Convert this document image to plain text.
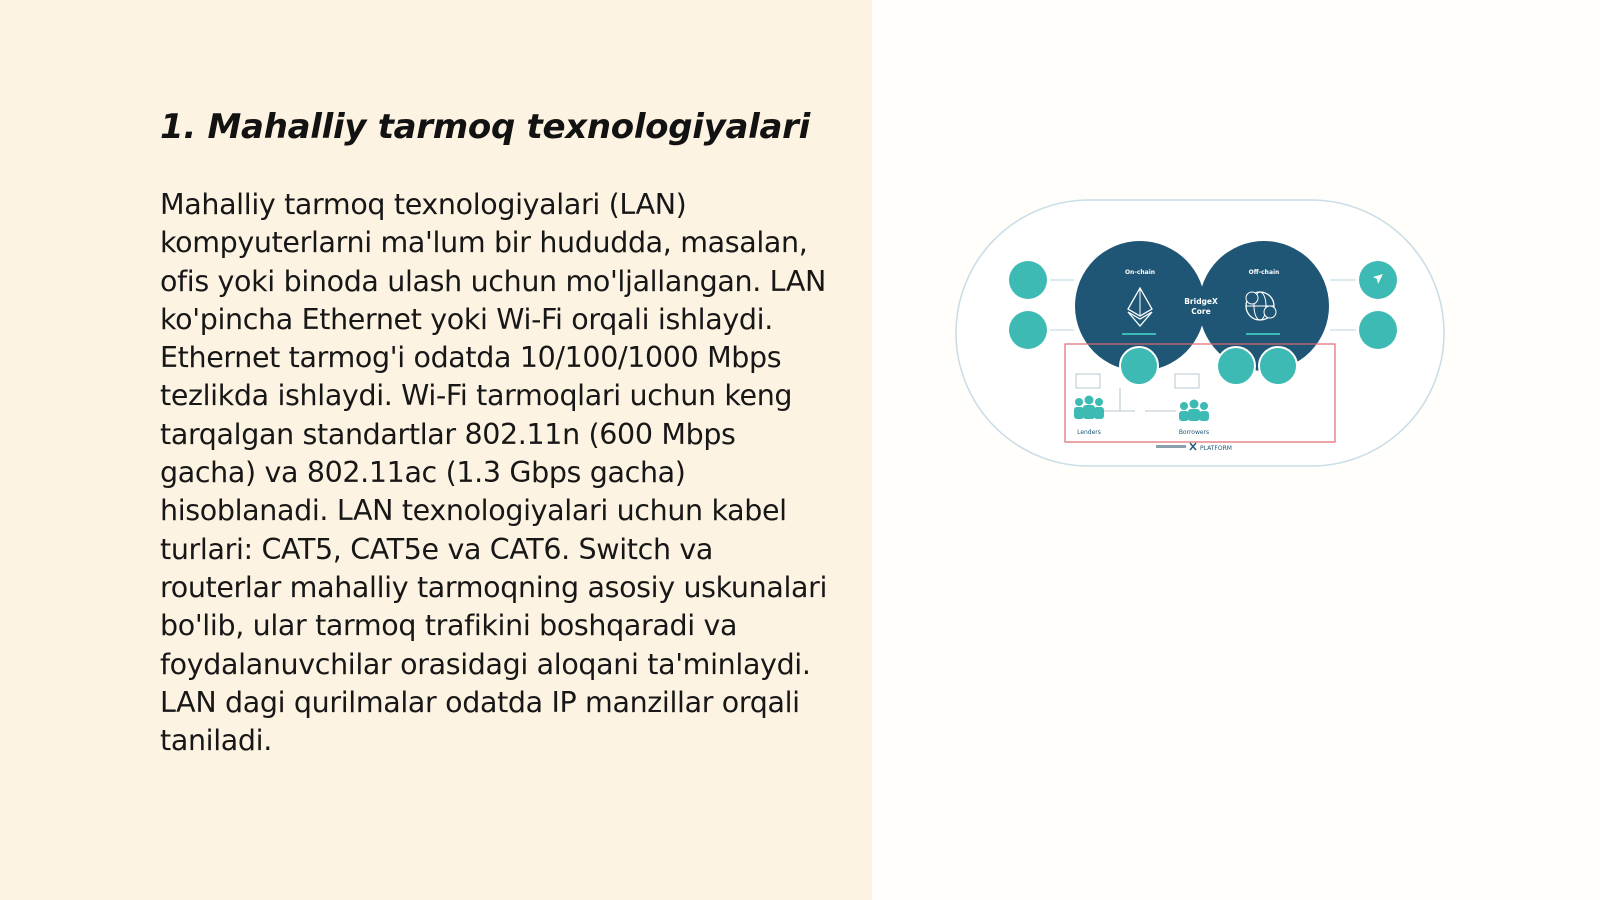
1. Mahalliy tarmoq texnologiyalari

Mahalliy tarmoq texnologiyalari (LAN) kompyuterlarni ma'lum bir hududda, masalan, ofis yoki binoda ulash uchun mo'ljallangan. LAN ko'pincha Ethernet yoki Wi-Fi orqali ishlaydi. Ethernet tarmog'i odatda 10/100/1000 Mbps tezlikda ishlaydi. Wi-Fi tarmoqlari uchun keng tarqalgan standartlar 802.11n (600 Mbps gacha) va 802.11ac (1.3 Gbps gacha) hisoblanadi. LAN texnologiyalari uchun kabel turlari: CAT5, CAT5e va CAT6. Switch va routerlar mahalliy tarmoqning asosiy uskunalari bo'lib, ular tarmoq trafikini boshqaradi va foydalanuvchilar orasidagi aloqani ta'minlaydi. LAN dagi qurilmalar odatda IP manzillar orqali taniladi.

On-chain	Off-chain
BridgeX
Core
Lenders	Borrowers
PLATFORM
